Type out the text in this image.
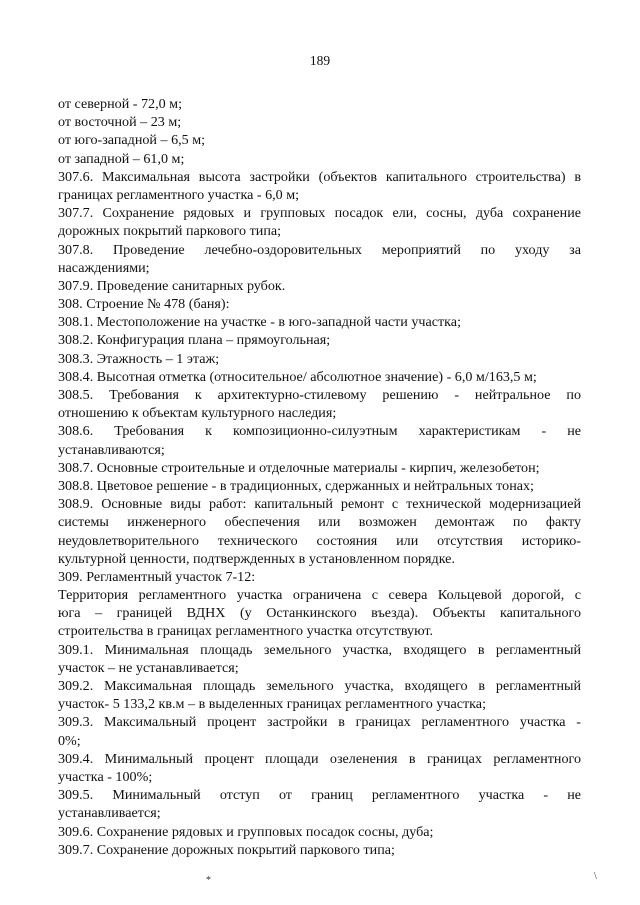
189
от северной - 72,0 м;
от восточной – 23 м;
от юго-западной – 6,5 м;
от западной – 61,0 м;
307.6. Максимальная высота застройки (объектов капитального строительства) в
границах регламентного участка - 6,0 м;
307.7. Сохранение рядовых и групповых посадок ели, сосны, дуба сохранение
дорожных покрытий паркового типа;
307.8. Проведение лечебно-оздоровительных мероприятий по уходу за
насаждениями;
307.9. Проведение санитарных рубок.
308. Строение № 478 (баня):
308.1. Местоположение на участке - в юго-западной части участка;
308.2. Конфигурация плана – прямоугольная;
308.3. Этажность – 1 этаж;
308.4. Высотная отметка (относительное/ абсолютное значение) - 6,0 м/163,5 м;
308.5. Требования к архитектурно-стилевому решению - нейтральное по
отношению к объектам культурного наследия;
308.6. Требования к композиционно-силуэтным характеристикам - не
устанавливаются;
308.7. Основные строительные и отделочные материалы - кирпич, железобетон;
308.8. Цветовое решение - в традиционных, сдержанных и нейтральных тонах;
308.9. Основные виды работ: капитальный ремонт с технической модернизацией
системы инженерного обеспечения или возможен демонтаж по факту
неудовлетворительного технического состояния или отсутствия историко-
культурной ценности, подтвержденных в установленном порядке.
309. Регламентный участок 7-12:
Территория регламентного участка ограничена с севера Кольцевой дорогой, с
юга – границей ВДНХ (у Останкинского въезда). Объекты капитального
строительства в границах регламентного участка отсутствуют.
309.1. Минимальная площадь земельного участка, входящего в регламентный
участок – не устанавливается;
309.2. Максимальная площадь земельного участка, входящего в регламентный
участок- 5 133,2 кв.м – в выделенных границах регламентного участка;
309.3. Максимальный процент застройки в границах регламентного участка -
0%;
309.4. Минимальный процент площади озеленения в границах регламентного
участка - 100%;
309.5. Минимальный отступ от границ регламентного участка - не
устанавливается;
309.6. Сохранение рядовых и групповых посадок сосны, дуба;
309.7. Сохранение дорожных покрытий паркового типа;
*	\
